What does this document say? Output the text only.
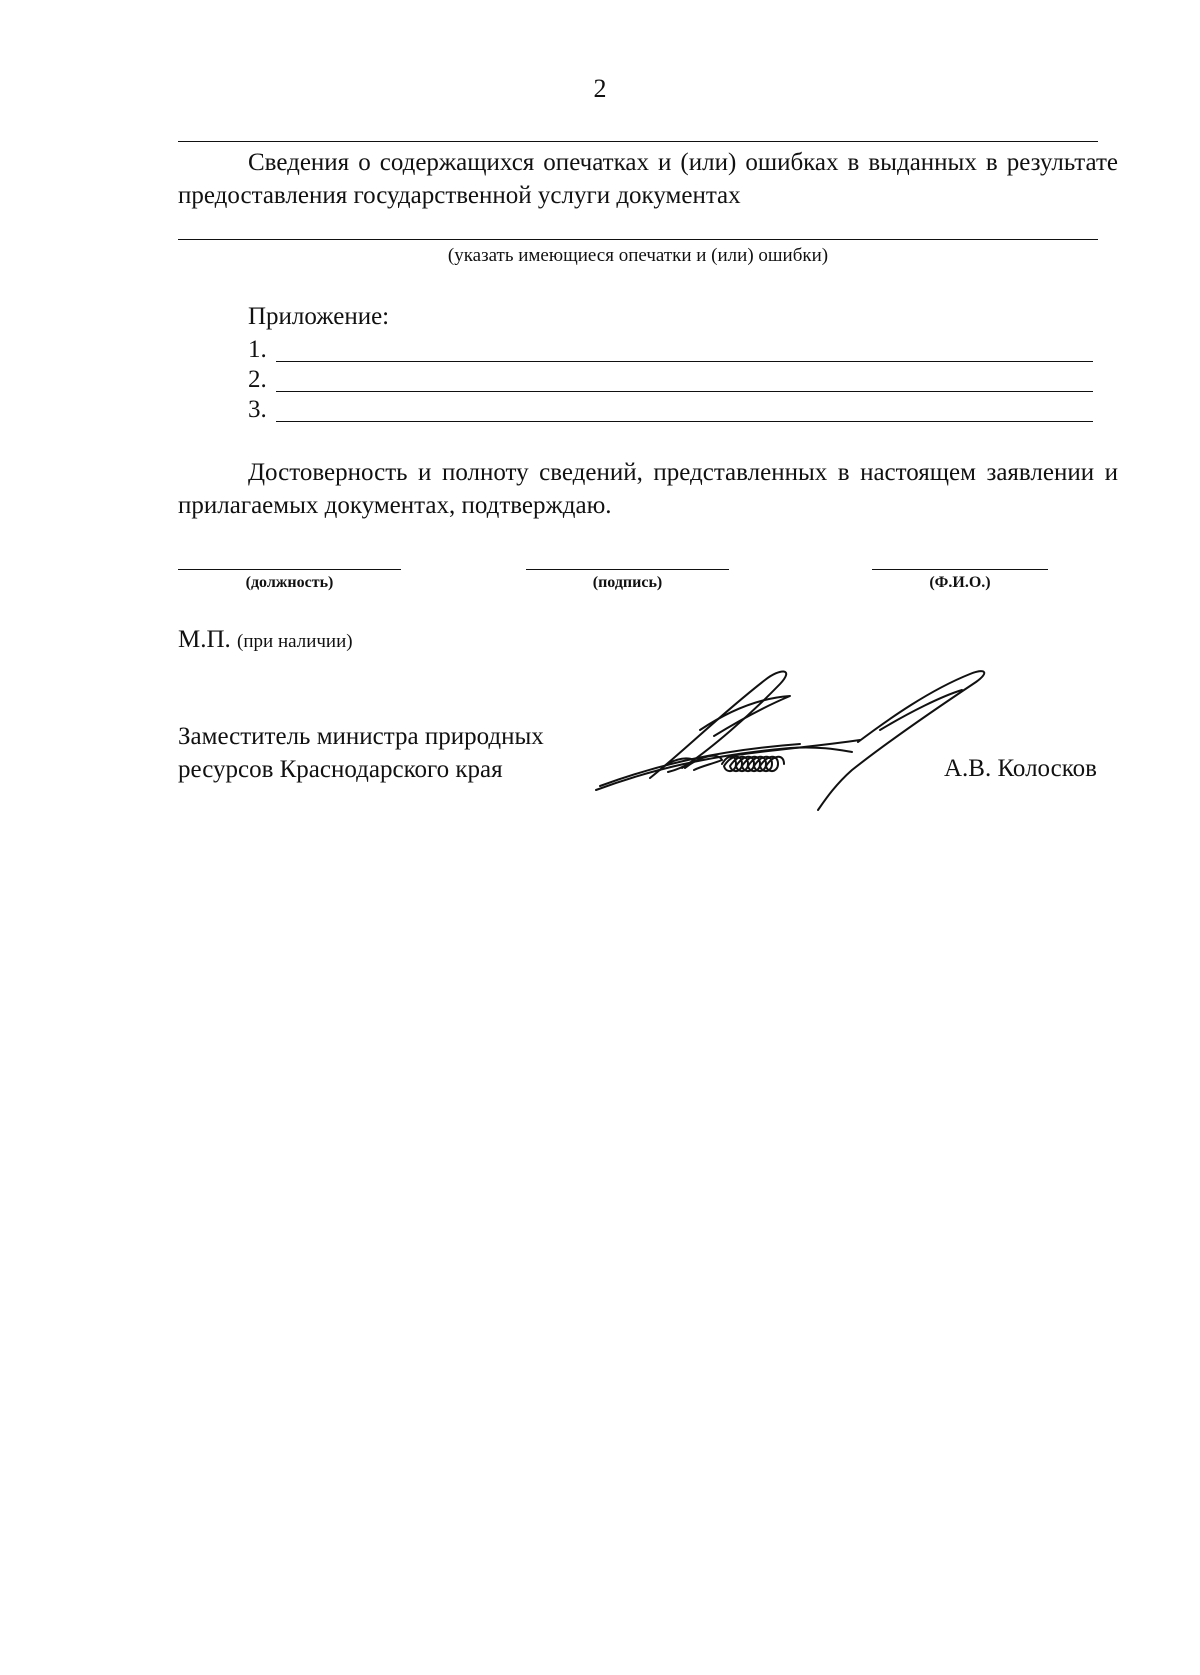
2
Сведения о содержащихся опечатках и (или) ошибках в выданных в результате предоставления государственной услуги документах
(указать имеющиеся опечатки и (или) ошибки)
Приложение:
1.
2.
3.
Достоверность и полноту сведений, представленных в настоящем заявлении и прилагаемых документах, подтверждаю.
(должность)	(подпись)	(Ф.И.О.)
М.П. (при наличии)
Заместитель министра природных
ресурсов Краснодарского края	А.В. Колосков
